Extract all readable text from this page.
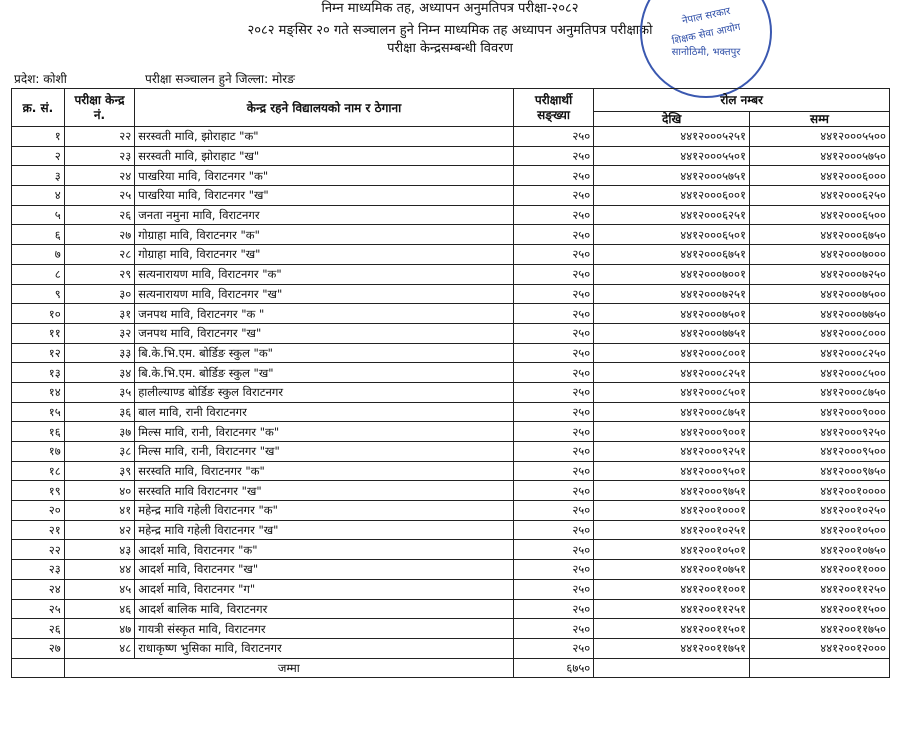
निम्न माध्यमिक तह, अध्यापन अनुमतिपत्र परीक्षा-२०८२
२०८२ मङ्सिर २० गते सञ्चालन हुने निम्न माध्यमिक तह अध्यापन अनुमतिपत्र परीक्षाको
परीक्षा केन्द्रसम्बन्धी विवरण
नेपाल सरकार
शिक्षक सेवा आयोग
सानोठिमी, भक्तपुर
प्रदेश: कोशी	परीक्षा सञ्चालन हुने जिल्ला: मोरङ
क्र. सं.	परीक्षा केन्द्र नं.	केन्द्र रहने विद्यालयको नाम र ठेगाना	परीक्षार्थी सङ्ख्या	रोल नम्बर	
				देखि	सम्म
१	२२	सरस्वती मावि, झोराहाट "क"	२५०	४४१२०००५२५१	४४१२०००५५००
२	२३	सरस्वती मावि, झोराहाट "ख"	२५०	४४१२०००५५०१	४४१२०००५७५०
३	२४	पाखरिया मावि, विराटनगर "क"	२५०	४४१२०००५७५१	४४१२०००६०००
४	२५	पाखरिया मावि, विराटनगर "ख"	२५०	४४१२०००६००१	४४१२०००६२५०
५	२६	जनता नमुना मावि, विराटनगर	२५०	४४१२०००६२५१	४४१२०००६५००
६	२७	गोग्राहा मावि, विराटनगर "क"	२५०	४४१२०००६५०१	४४१२०००६७५०
७	२८	गोग्राहा मावि, विराटनगर "ख"	२५०	४४१२०००६७५१	४४१२०००७०००
८	२९	सत्यनारायण मावि, विराटनगर "क"	२५०	४४१२०००७००१	४४१२०००७२५०
९	३०	सत्यनारायण मावि, विराटनगर "ख"	२५०	४४१२०००७२५१	४४१२०००७५००
१०	३१	जनपथ मावि, विराटनगर "क "	२५०	४४१२०००७५०१	४४१२०००७७५०
११	३२	जनपथ मावि, विराटनगर "ख"	२५०	४४१२०००७७५१	४४१२०००८०००
१२	३३	बि.के.भि.एम. बोर्डिङ स्कुल "क"	२५०	४४१२०००८००१	४४१२०००८२५०
१३	३४	बि.के.भि.एम. बोर्डिङ स्कुल "ख"	२५०	४४१२०००८२५१	४४१२०००८५००
१४	३५	हालील्याण्ड बोर्डिङ स्कुल विराटनगर	२५०	४४१२०००८५०१	४४१२०००८७५०
१५	३६	बाल मावि, रानी विराटनगर	२५०	४४१२०००८७५१	४४१२०००९०००
१६	३७	मिल्स मावि, रानी, विराटनगर "क"	२५०	४४१२०००९००१	४४१२०००९२५०
१७	३८	मिल्स मावि, रानी, विराटनगर "ख"	२५०	४४१२०००९२५१	४४१२०००९५००
१८	३९	सरस्वति मावि, विराटनगर "क"	२५०	४४१२०००९५०१	४४१२०००९७५०
१९	४०	सरस्वति मावि विराटनगर "ख"	२५०	४४१२०००९७५१	४४१२००१००००
२०	४१	महेन्द्र मावि गहेली विराटनगर "क"	२५०	४४१२००१०००१	४४१२००१०२५०
२१	४२	महेन्द्र मावि गहेली विराटनगर "ख"	२५०	४४१२००१०२५१	४४१२००१०५००
२२	४३	आदर्श मावि, विराटनगर "क"	२५०	४४१२००१०५०१	४४१२००१०७५०
२३	४४	आदर्श मावि, विराटनगर "ख"	२५०	४४१२००१०७५१	४४१२००११०००
२४	४५	आदर्श मावि, विराटनगर "ग"	२५०	४४१२००११००१	४४१२००११२५०
२५	४६	आदर्श बालिक मावि, विराटनगर	२५०	४४१२००११२५१	४४१२००११५००
२६	४७	गायत्री संस्कृत मावि, विराटनगर	२५०	४४१२००११५०१	४४१२००११७५०
२७	४८	राधाकृष्ण भुसिका मावि, विराटनगर	२५०	४४१२००११७५१	४४१२००१२०००
	जम्मा		६७५०		
